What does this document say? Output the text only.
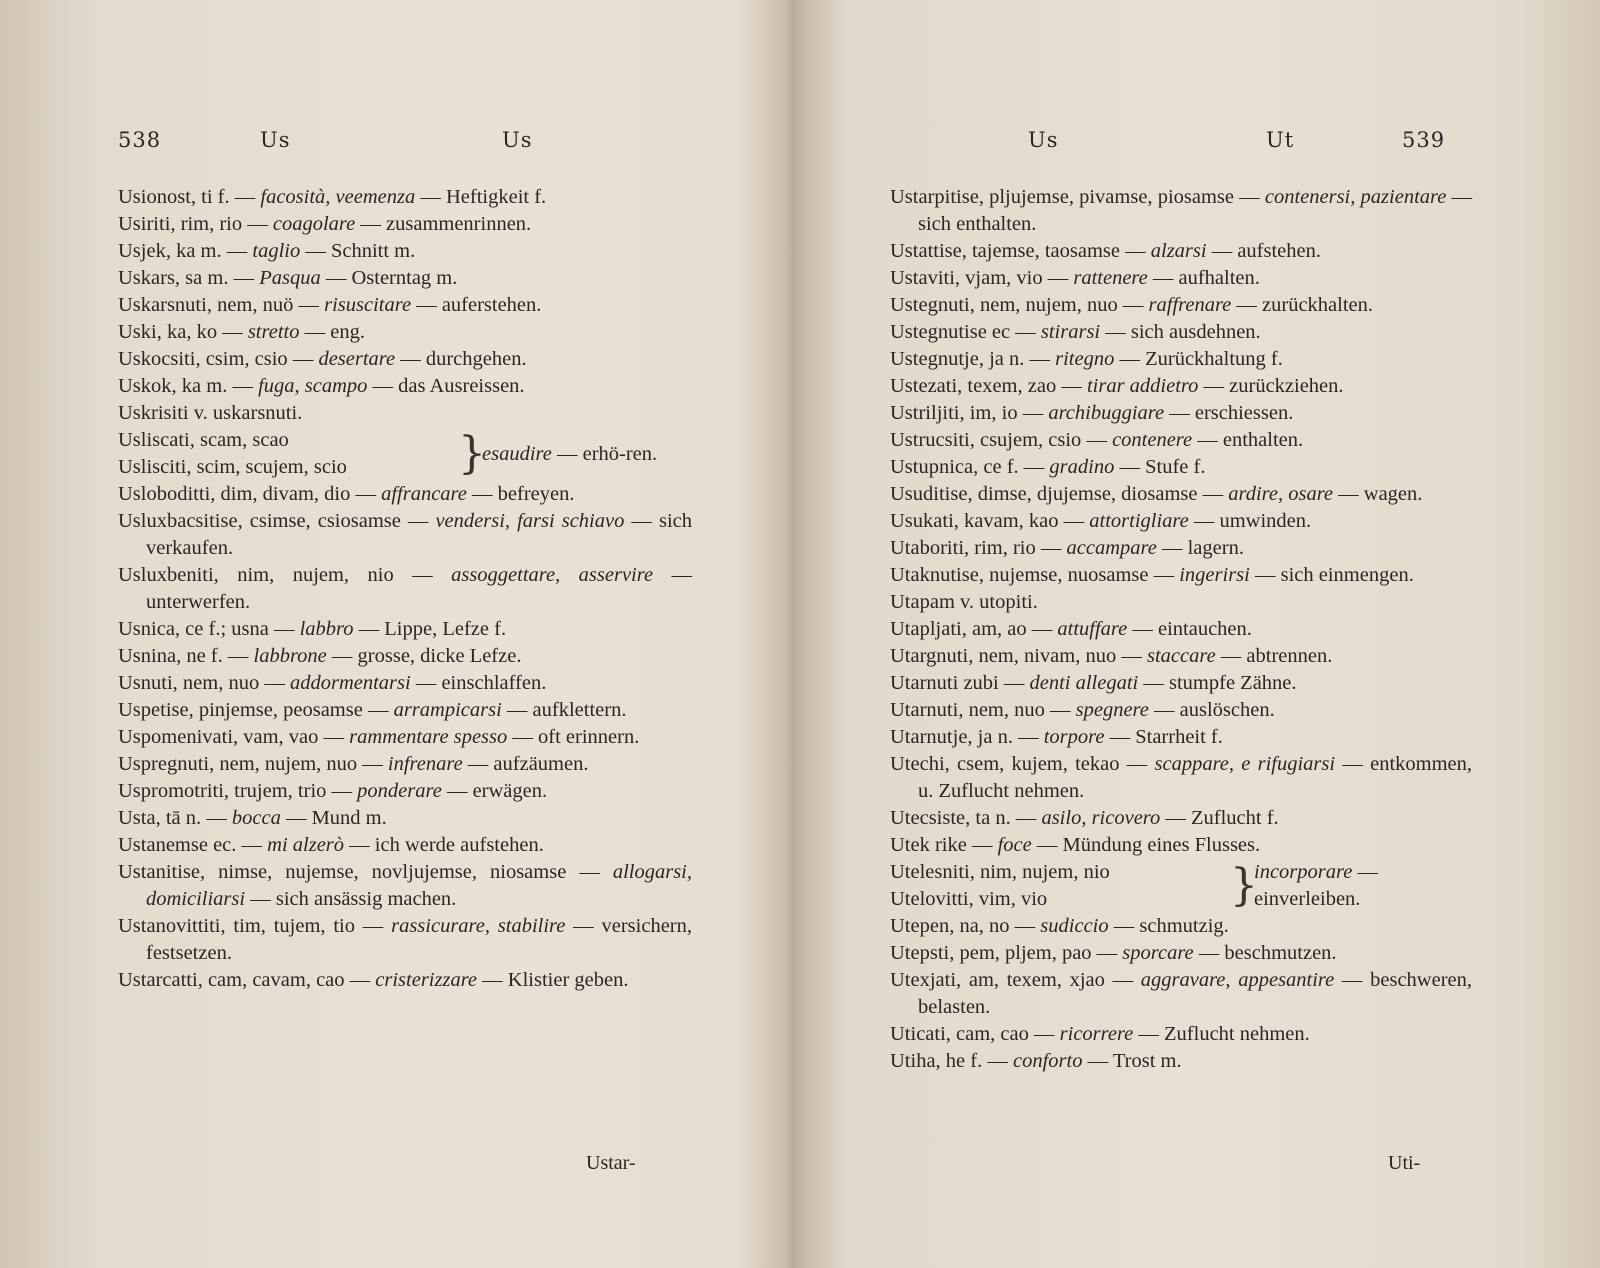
538	Us	Us
Usionost, ti f. — facosità, veemenza — Heftigkeit f.
Usiriti, rim, rio — coagolare — zusammenrinnen.
Usjek, ka m. — taglio — Schnitt m.
Uskars, sa m. — Pasqua — Osterntag m.
Uskarsnuti, nem, nuö — risuscitare — auferstehen.
Uski, ka, ko — stretto — eng.
Uskocsiti, csim, csio — desertare — durchgehen.
Uskok, ka m. — fuga, scampo — das Ausreissen.
Uskrisiti v. uskarsnuti.
Usliscati, scam, scao
Uslisciti, scim, scujem, scio	}
esaudire — erhö-ren.
Usloboditti, dim, divam, dio — affrancare — befreyen.
Usluxbacsitise, csimse, csiosamse — vendersi, farsi schiavo — sich verkaufen.
Usluxbeniti, nim, nujem, nio — assoggettare, asservire — unterwerfen.
Usnica, ce f.; usna — labbro — Lippe, Lefze f.
Usnina, ne f. — labbrone — grosse, dicke Lefze.
Usnuti, nem, nuo — addormentarsi — einschlaffen.
Uspetise, pinjemse, peosamse — arrampicarsi — aufklettern.
Uspomenivati, vam, vao — rammentare spesso — oft erinnern.
Uspregnuti, nem, nujem, nuo — infrenare — aufzäumen.
Uspromotriti, trujem, trio — ponderare — erwägen.
Usta, tā n. — bocca — Mund m.
Ustanemse ec. — mi alzerò — ich werde aufstehen.
Ustanitise, nimse, nujemse, novljujemse, niosamse — allogarsi, domiciliarsi — sich ansässig machen.
Ustanovittiti, tim, tujem, tio — rassicurare, stabilire — versichern, festsetzen.
Ustarcatti, cam, cavam, cao — cristerizzare — Klistier geben.
Ustar-
Us	Ut	539
Ustarpitise, pljujemse, pivamse, piosamse — contenersi, pazientare — sich enthalten.
Ustattise, tajemse, taosamse — alzarsi — aufstehen.
Ustaviti, vjam, vio — rattenere — aufhalten.
Ustegnuti, nem, nujem, nuo — raffrenare — zurückhalten.
Ustegnutise ec — stirarsi — sich ausdehnen.
Ustegnutje, ja n. — ritegno — Zurückhaltung f.
Ustezati, texem, zao — tirar addietro — zurückziehen.
Ustriljiti, im, io — archibuggiare — erschiessen.
Ustrucsiti, csujem, csio — contenere — enthalten.
Ustupnica, ce f. — gradino — Stufe f.
Usuditise, dimse, djujemse, diosamse — ardire, osare — wagen.
Usukati, kavam, kao — attortigliare — umwinden.
Utaboriti, rim, rio — accampare — lagern.
Utaknutise, nujemse, nuosamse — ingerirsi — sich einmengen.
Utapam v. utopiti.
Utapljati, am, ao — attuffare — eintauchen.
Utargnuti, nem, nivam, nuo — staccare — abtrennen.
Utarnuti zubi — denti allegati — stumpfe Zähne.
Utarnuti, nem, nuo — spegnere — auslöschen.
Utarnutje, ja n. — torpore — Starrheit f.
Utechi, csem, kujem, tekao — scappare, e rifugiarsi — entkommen, u. Zuflucht nehmen.
Utecsiste, ta n. — asilo, ricovero — Zuflucht f.
Utek rike — foce — Mündung eines Flusses.
Utelesniti, nim, nujem, nio
Utelovitti, vim, vio	}
incorporare — einverleiben.
Utepen, na, no — sudiccio — schmutzig.
Utepsti, pem, pljem, pao — sporcare — beschmutzen.
Utexjati, am, texem, xjao — aggravare, appesantire — beschweren, belasten.
Uticati, cam, cao — ricorrere — Zuflucht nehmen.
Utiha, he f. — conforto — Trost m.
Uti-
